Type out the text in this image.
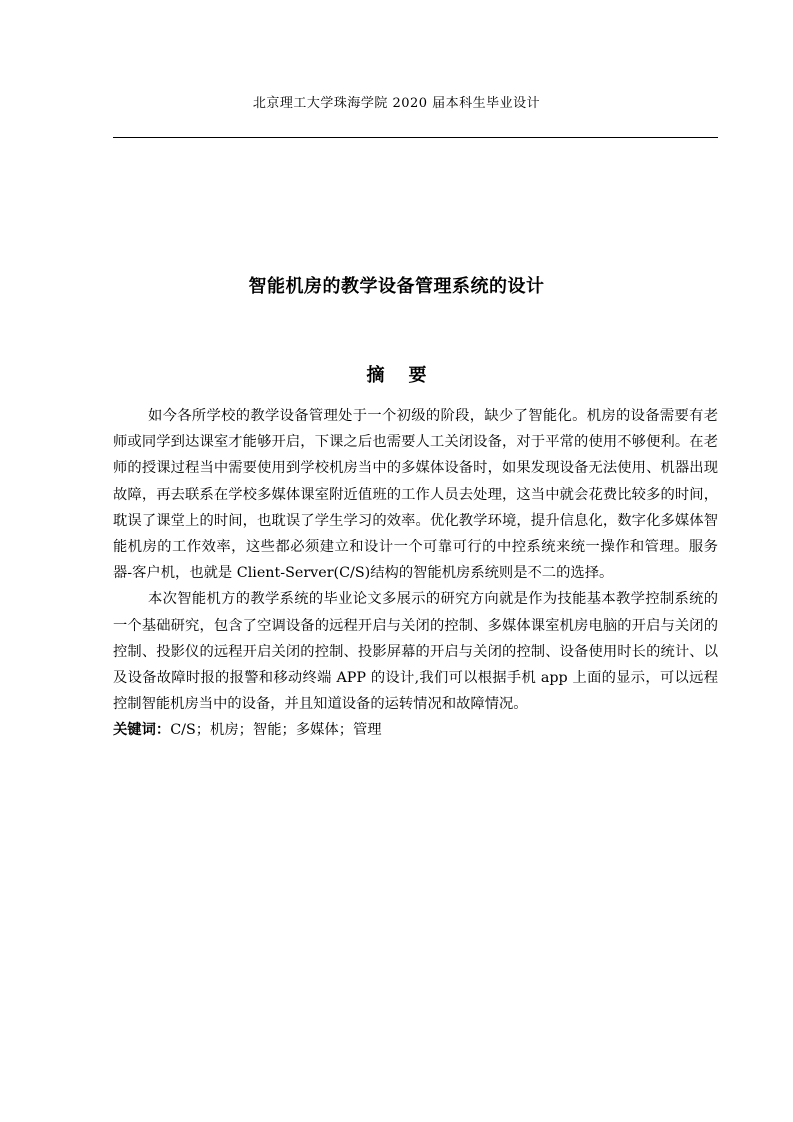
北京理工大学珠海学院 2020 届本科生毕业设计
智能机房的教学设备管理系统的设计
摘要

如今各所学校的教学设备管理处于一个初级的阶段，缺少了智能化。机房的设备需要有老师或同学到达课室才能够开启，下课之后也需要人工关闭设备，对于平常的使用不够便利。在老师的授课过程当中需要使用到学校机房当中的多媒体设备时，如果发现设备无法使用、机器出现故障，再去联系在学校多媒体课室附近值班的工作人员去处理，这当中就会花费比较多的时间，耽误了课堂上的时间，也耽误了学生学习的效率。优化教学环境，提升信息化，数字化多媒体智能机房的工作效率，这些都必须建立和设计一个可靠可行的中控系统来统一操作和管理。服务器-客户机，也就是 Client-Server(C/S)结构的智能机房系统则是不二的选择。

本次智能机方的教学系统的毕业论文多展示的研究方向就是作为技能基本教学控制系统的一个基础研究，包含了空调设备的远程开启与关闭的控制、多媒体课室机房电脑的开启与关闭的控制、投影仪的远程开启关闭的控制、投影屏幕的开启与关闭的控制、设备使用时长的统计、以及设备故障时报的报警和移动终端 APP 的设计,我们可以根据手机 app 上面的显示，可以远程控制智能机房当中的设备，并且知道设备的运转情况和故障情况。

关键词：C/S；机房；智能；多媒体；管理
